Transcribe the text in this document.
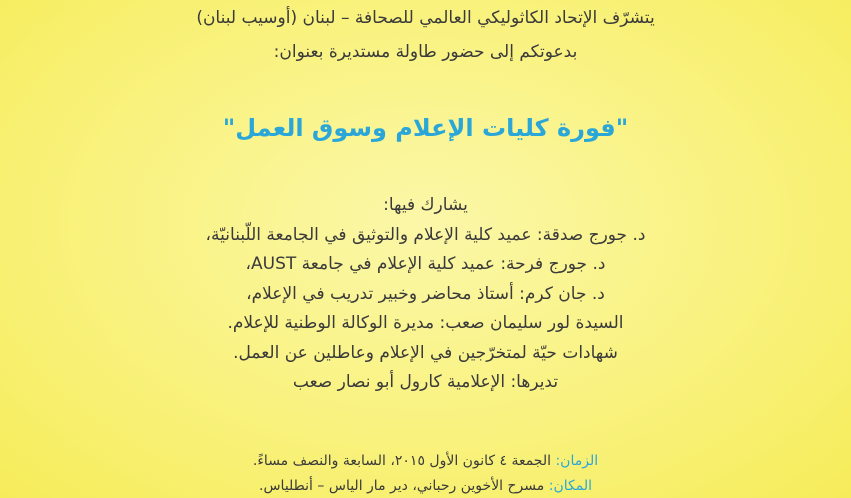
يتشرّف الإتحاد الكاثوليكي العالمي للصحافة – لبنان (أوسيب لبنان)
بدعوتكم إلى حضور طاولة مستديرة بعنوان:
"فورة كليات الإعلام وسوق العمل"
يشارك فيها:
د. جورج صدقة: عميد كلية الإعلام والتوثيق في الجامعة اللّبنانيّة،
د. جورج فرحة: عميد كلية الإعلام في جامعة AUST،
د. جان كرم: أستاذ محاضر وخبير تدريب في الإعلام،
السيدة لور سليمان صعب: مديرة الوكالة الوطنية للإعلام.
شهادات حيّة لمتخرّجين في الإعلام وعاطلين عن العمل.
تديرها: الإعلامية كارول أبو نصار صعب
الزمان: الجمعة ٤ كانون الأول ٢٠١٥، السابعة والنصف مساءً.
المكان: مسرح الأخوين رحباني، دير مار الياس – أنطلياس.
